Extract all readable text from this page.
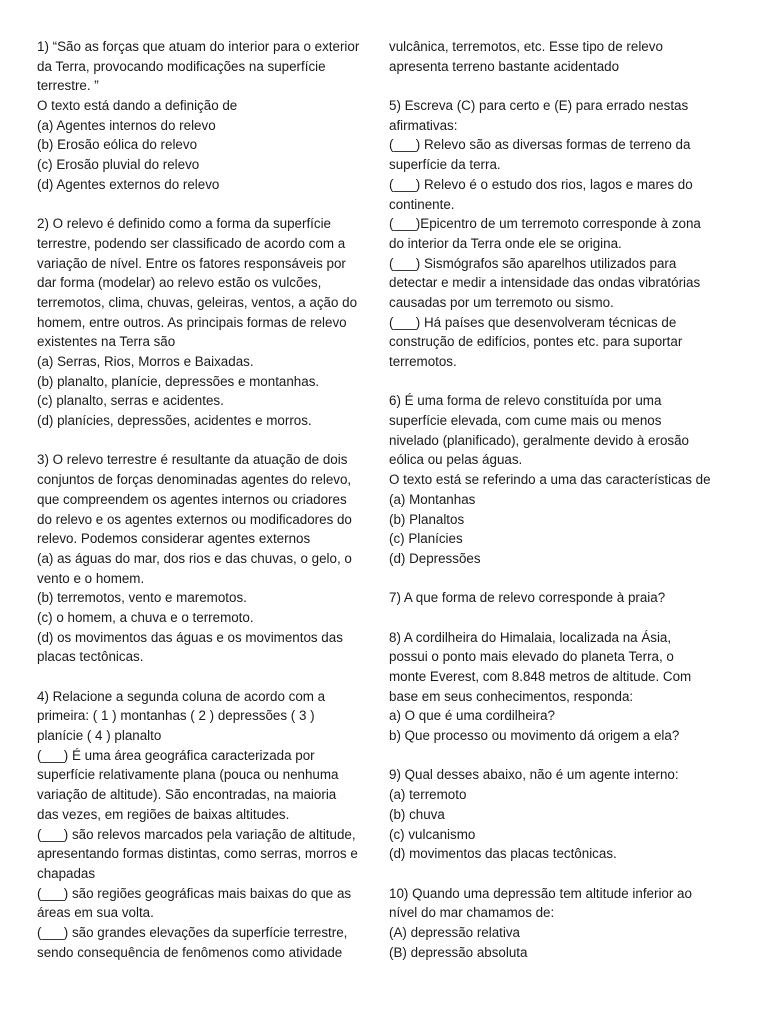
1) “São as forças que atuam do interior para o exterior
da Terra, provocando modificações na superfície
terrestre. ”
O texto está dando a definição de
(a) Agentes internos do relevo
(b) Erosão eólica do relevo
(c) Erosão pluvial do relevo
(d) Agentes externos do relevo
2) O relevo é definido como a forma da superfície
terrestre, podendo ser classificado de acordo com a
variação de nível. Entre os fatores responsáveis por
dar forma (modelar) ao relevo estão os vulcões,
terremotos, clima, chuvas, geleiras, ventos, a ação do
homem, entre outros. As principais formas de relevo
existentes na Terra são
(a) Serras, Rios, Morros e Baixadas.
(b) planalto, planície, depressões e montanhas.
(c) planalto, serras e acidentes.
(d) planícies, depressões, acidentes e morros.
3) O relevo terrestre é resultante da atuação de dois
conjuntos de forças denominadas agentes do relevo,
que compreendem os agentes internos ou criadores
do relevo e os agentes externos ou modificadores do
relevo. Podemos considerar agentes externos
(a) as águas do mar, dos rios e das chuvas, o gelo, o
vento e o homem.
(b) terremotos, vento e maremotos.
(c) o homem, a chuva e o terremoto.
(d) os movimentos das águas e os movimentos das
placas tectônicas.
4) Relacione a segunda coluna de acordo com a
primeira: ( 1 ) montanhas ( 2 ) depressões ( 3 )
planície ( 4 ) planalto
(___) É uma área geográfica caracterizada por
superfície relativamente plana (pouca ou nenhuma
variação de altitude). São encontradas, na maioria
das vezes, em regiões de baixas altitudes.
(___) são relevos marcados pela variação de altitude,
apresentando formas distintas, como serras, morros e
chapadas
(___) são regiões geográficas mais baixas do que as
áreas em sua volta.
(___) são grandes elevações da superfície terrestre,
sendo consequência de fenômenos como atividade
vulcânica, terremotos, etc. Esse tipo de relevo
apresenta terreno bastante acidentado
5) Escreva (C) para certo e (E) para errado nestas
afirmativas:
(___) Relevo são as diversas formas de terreno da
superfície da terra.
(___) Relevo é o estudo dos rios, lagos e mares do
continente.
(___)Epicentro de um terremoto corresponde à zona
do interior da Terra onde ele se origina.
(___) Sismógrafos são aparelhos utilizados para
detectar e medir a intensidade das ondas vibratórias
causadas por um terremoto ou sismo.
(___) Há países que desenvolveram técnicas de
construção de edifícios, pontes etc. para suportar
terremotos.
6) É uma forma de relevo constituída por uma
superfície elevada, com cume mais ou menos
nivelado (planificado), geralmente devido à erosão
eólica ou pelas águas.
O texto está se referindo a uma das características de
(a) Montanhas
(b) Planaltos
(c) Planícies
(d) Depressões
7) A que forma de relevo corresponde à praia?
8) A cordilheira do Himalaia, localizada na Ásia,
possui o ponto mais elevado do planeta Terra, o
monte Everest, com 8.848 metros de altitude. Com
base em seus conhecimentos, responda:
a) O que é uma cordilheira?
b) Que processo ou movimento dá origem a ela?
9) Qual desses abaixo, não é um agente interno:
(a) terremoto
(b) chuva
(c) vulcanismo
(d) movimentos das placas tectônicas.
10) Quando uma depressão tem altitude inferior ao
nível do mar chamamos de:
(A) depressão relativa
(B) depressão absoluta
